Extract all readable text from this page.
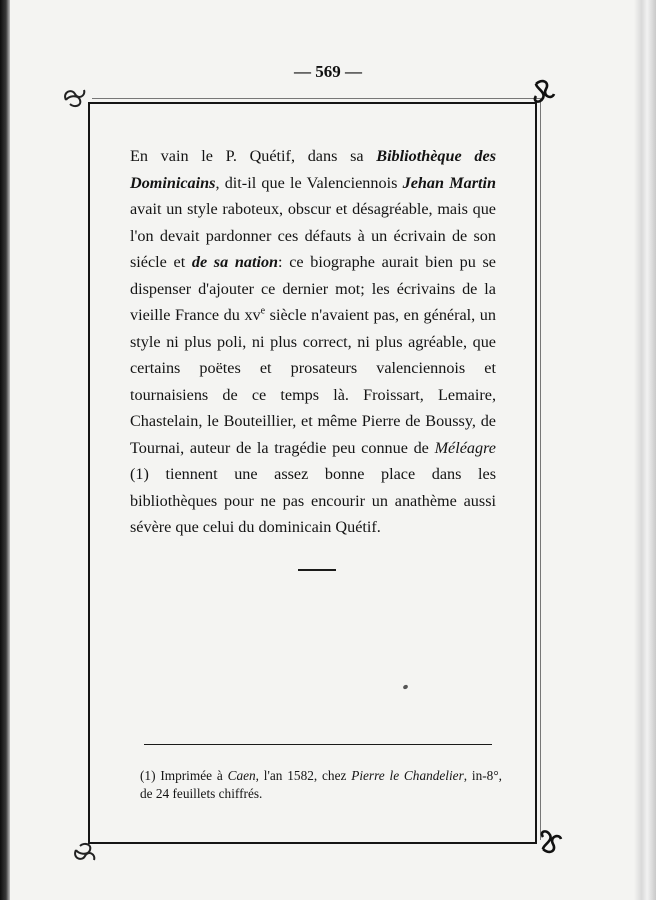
— 569 —

En vain le P. Quétif, dans sa Bibliothèque des Dominicains, dit-il que le Valenciennois Jehan Martin avait un style raboteux, obscur et désagréable, mais que l'on devait pardonner ces défauts à un écrivain de son siécle et de sa nation: ce biographe aurait bien pu se dispenser d'ajouter ce dernier mot; les écrivains de la vieille France du $xv^e$ siècle n'avaient pas, en général, un style ni plus poli, ni plus correct, ni plus agréable, que certains poëtes et prosateurs valenciennois et tournaisiens de ce temps là. Froissart, Lemaire, Chastelain, le Bouteillier, et même Pierre de Boussy, de Tournai, auteur de la tragédie peu connue de Méléagre (1) tiennent une assez bonne place dans les bibliothèques pour ne pas encourir un anathème aussi sévère que celui du dominicain Quétif.

(1) Imprimée à Caen, l'an 1582, chez Pierre le Chandelier, in-8°, de 24 feuillets chiffrés.
